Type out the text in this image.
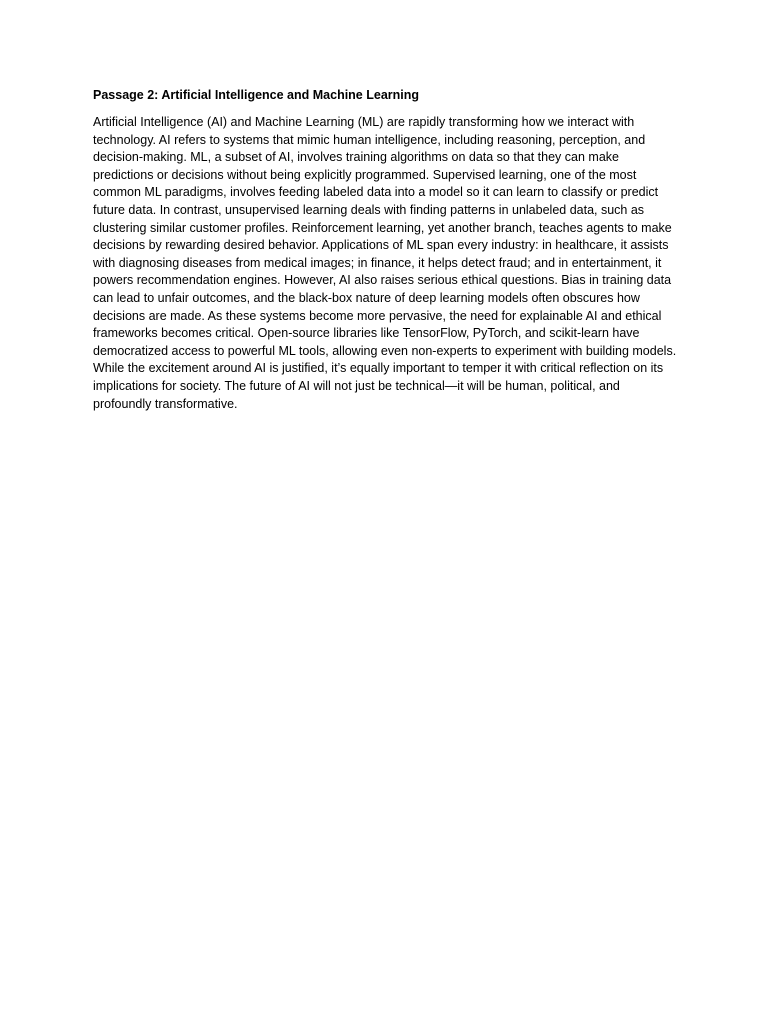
Passage 2: Artificial Intelligence and Machine Learning

Artificial Intelligence (AI) and Machine Learning (ML) are rapidly transforming how we interact with technology. AI refers to systems that mimic human intelligence, including reasoning, perception, and decision-making. ML, a subset of AI, involves training algorithms on data so that they can make predictions or decisions without being explicitly programmed. Supervised learning, one of the most common ML paradigms, involves feeding labeled data into a model so it can learn to classify or predict future data. In contrast, unsupervised learning deals with finding patterns in unlabeled data, such as clustering similar customer profiles. Reinforcement learning, yet another branch, teaches agents to make decisions by rewarding desired behavior. Applications of ML span every industry: in healthcare, it assists with diagnosing diseases from medical images; in finance, it helps detect fraud; and in entertainment, it powers recommendation engines. However, AI also raises serious ethical questions. Bias in training data can lead to unfair outcomes, and the black-box nature of deep learning models often obscures how decisions are made. As these systems become more pervasive, the need for explainable AI and ethical frameworks becomes critical. Open-source libraries like TensorFlow, PyTorch, and scikit-learn have democratized access to powerful ML tools, allowing even non-experts to experiment with building models. While the excitement around AI is justified, it’s equally important to temper it with critical reflection on its implications for society. The future of AI will not just be technical—it will be human, political, and profoundly transformative.
